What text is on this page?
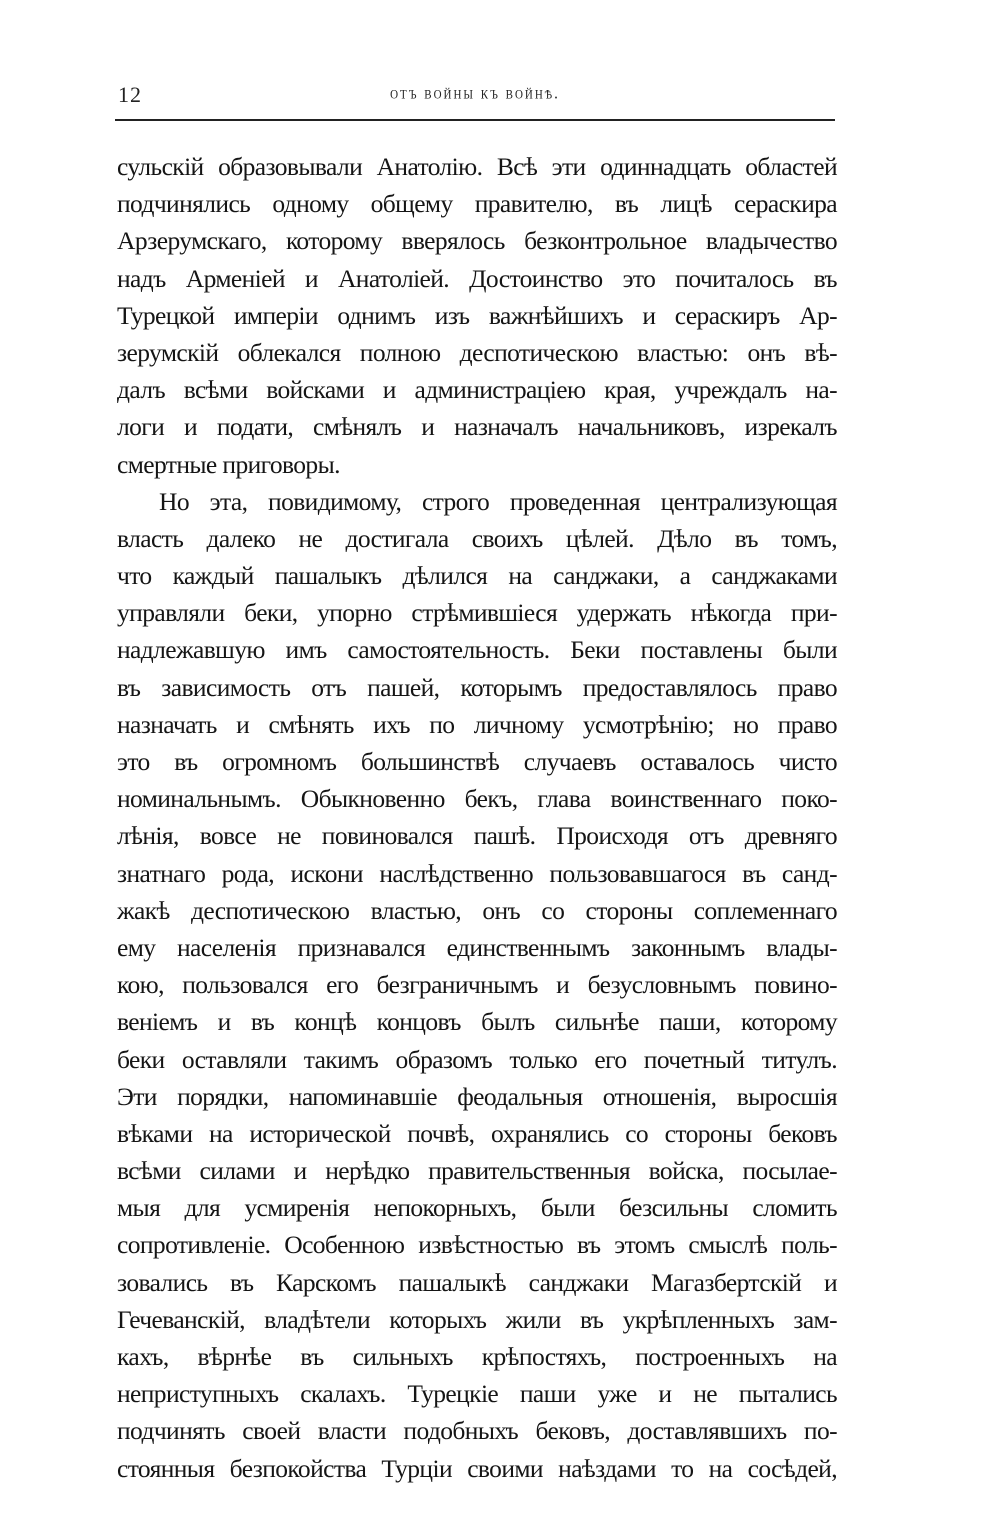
12	отъ войны къ войнѣ.
сульскій образовывали Анатолію. Всѣ эти одиннадцать областей
подчинялись одному общему правителю, въ лицѣ сераскира
Арзерумскаго, которому вверялось безконтрольное владычество
надъ Арменіей и Анатоліей. Достоинство это почиталось въ
Турецкой имперіи однимъ изъ важнѣйшихъ и сераскиръ Ар-
зерумскій облекался полною деспотическою властью: онъ вѣ-
далъ всѣми войсками и администраціею края, учреждалъ на-
логи и подати, смѣнялъ и назначалъ начальниковъ, изрекалъ
смертные приговоры.
Но эта, повидимому, строго проведенная централизующая
власть далеко не достигала своихъ цѣлей. Дѣло въ томъ,
что каждый пашалыкъ дѣлился на санджаки, а санджаками
управляли беки, упорно стрѣмившіеся удержать нѣкогда при-
надлежавшую имъ самостоятельность. Беки поставлены были
въ зависимость отъ пашей, которымъ предоставлялось право
назначать и смѣнять ихъ по личному усмотрѣнію; но право
это въ огромномъ большинствѣ случаевъ оставалось чисто
номинальнымъ. Обыкновенно бекъ, глава воинственнаго поко-
лѣнія, вовсе не повиновался пашѣ. Происходя отъ древняго
знатнаго рода, искони наслѣдственно пользовавшагося въ санд-
жакѣ деспотическою властью, онъ со стороны соплеменнаго
ему населенія признавался единственнымъ законнымъ влады-
кою, пользовался его безграничнымъ и безусловнымъ повино-
веніемъ и въ концѣ концовъ былъ сильнѣе паши, которому
беки оставляли такимъ образомъ только его почетный титулъ.
Эти порядки, напоминавшіе феодальныя отношенія, выросшія
вѣками на исторической почвѣ, охранялись со стороны бековъ
всѣми силами и нерѣдко правительственныя войска, посылае-
мыя для усмиренія непокорныхъ, были безсильны сломить
сопротивленіе. Особенною извѣстностью въ этомъ смыслѣ поль-
зовались въ Карскомъ пашалыкѣ санджаки Магазбертскій и
Гечеванскій, владѣтели которыхъ жили въ укрѣпленныхъ зам-
кахъ, вѣрнѣе въ сильныхъ крѣпостяхъ, построенныхъ на
неприступныхъ скалахъ. Турецкіе паши уже и не пытались
подчинять своей власти подобныхъ бековъ, доставлявшихъ по-
стоянныя безпокойства Турціи своими наѣздами то на сосѣдей,
